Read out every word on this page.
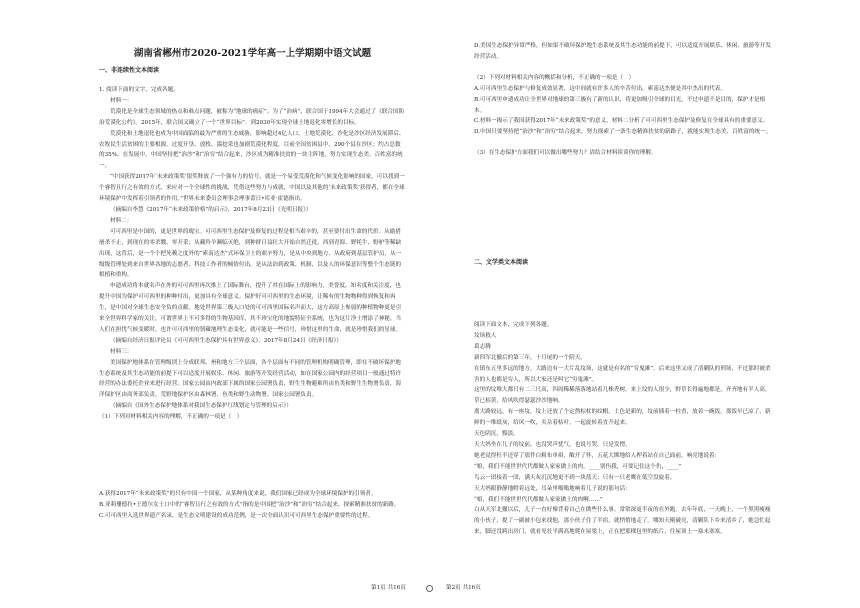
湖南省郴州市2020-2021学年高一上学期期中语文试题
一、非连续性文本阅读

1. 阅读下面的文字，完成各题。

材料一：

荒漠化是全球生态领域的热点和难点问题，被称为“地球的癌症”。为了“治病”，联合国于1994年大会通过了《联合国防治荒漠化公约》。2015年，联合国又确立了一个“世界目标”：到2030年实现全球土地退化零增长的目标。

荒漠化和土地退化也成为中国面临的最为严重的生态威胁，影响超过4亿人口。土地荒漠化、沙化是沙区经济发展滞后、农牧民生活贫困的主要根源。过度开垦、放牧、滥挖采也加剧荒漠化程度，目前全国贫困县中，290个县在沙区；约占总数的35%。在发展中，中国坚持把“治沙”和“治穷”结合起来，沙区成为精准扶贫的一块主阵地，努力实现生态美、百姓富的统一。

“中国获得2017年‘未来政策奖’银奖释放了一个强有力的信号，就是一个易受荒漠化和气候变化影响的国家，可以找到一个睿智且行之有效的方式，来应对一个全球性的挑战，凭借这些努力与成就，中国以及其他的‘未来政策奖’获得者，都在全球环境保护中发挥着引领者的作用。”世界未来委员会理事会理事蕾日•库亚·霍德指出。

（摘编自李慧《2017年“未来政策价格”的启示》，2017年8月23日《光明日报》）

材料二：

可可西里是中国的，更是世界的瑰宝。可可西里生态保护及修复的过程是相当艰辛的，甚至要付出生命的代价。从偷猎屠杀不止，到现在的零杀戮、零开采；从藏羚羊濒临灭绝，到种群日益壮大开始自然迁徙，西到青海、野牦牛、野驴等稀缺出现，这背后，是一个个把死赖之度外的“索南达杰”式环保卫士的艰辛努力，是从中央到地方、从政府到基层管护员，从一级级管理处到来自世界各地的志愿者、科技工作者的倾情付出，是从法治到政策、机制，以及人的环保意识等整个生态链的根植和重构。

申遗成功将本就名声在外的可可西里再次推上了国际舞台，提升了其在国际上的影响力，美誉度，知名度和关注度，也提升中国为保护可可西里的种种付出，更加具有全球意义。保护好可可西里的生态环境，让稀有的生物物种得到恢复和再生，是中国对全球生态安全负的贡献。地处世界第三极入口处的可可西里国际名声而大，这方高原上参弱的种植物种更是引来全世界科学家的关注，可谓世界上不可多得的生物基因库，其不珍宝化的地貌特征全系统，也为这片净土增添了神秘。当人们在担忧气候变暖时，也许可可西里的韧藏地理生态变化，就可能是一些信号，珍惜这里的生命，就是珍惜我们的星球。

（摘编自经济日报评论员《可可西里生态保护具有世界意义》，2017年8月24日《经济日报》）

材料三：

美国保护地体系在管理级别上分成联邦、州和地方三个层面，各个层面有不同的管理机构明确管理，即在不破坏保护地生态系统及其生态功能的前提下可以适度开展娱乐、休闲、旅游等开发经营活动，如在国家公园内的经营项目一般通过特许经营的办法委托企业来进行经营。国家公园由内政部下属的国家公园署负责，野生生物避难所由鱼类和野生生物署负责，海洋保护区由商务部负责，荒野地保护区由森林署、鱼类和野生动物署、国家公园署负责。

（摘编自《国外生态保护地体系对我国生态保护红线划定与管理的启示》）

（1）下列对材料相关内容的理解，不正确的一项是（　）

A.获得2017年“未来政策奖”的只有中国一个国家，从某种角度来说，我们国家已经成为全球环境保护的引领者。

B.亚莉珊德拉•王德尔女士口中的“睿智且行之有效的方式”指的是中国把“治沙”和“治穷”结合起来，探索精准扶贫的新路。

C.可可西里入选世界遗产名录，是生态文明建设的成功范例，是一次全面认识可可西里生态保护重要性的过程。

D.美国生态保护异常严格，但如果不破坏保护地生态系统及其生态功能的前提下，可以适度开展娱乐、休闲、旅游等开发经营活动。

（2）下列对材料相关内容的概括和分析，不正确的一项是（　）

A.可可西里生态保护与修复成效显著，这中间就有许多人的辛苦付出，索南达杰便是其中杰出的代表。

B.可可西里申遗成功让全世界对地球的第三极有了新的认识，将更加吸引全球的目光，不过申遗不是目的，保护才是根本。

C.材料一揭示了我国获得2017年“未来政策奖”的意义，材料二分析了可可西里生态保护及修复在全球具有的重要意义。

D.中国只要坚持把“治沙”和“治穷”结合起来，努力探索了一条生态精准扶贫的新路子，就能实现生态美、百姓富的统一。

（3）在生态保护方面我们可以做出哪些努力？请结合材料谈谈你的理解。

二、文学类文本阅读

阅读下面文本，完成下列各题。

坟场救人

葛志腾

新四军北撤后的第三年，十月尾的一个阴天。

在镇东五里多远的地方，大路边有一大片乱坟场，这就是有名的“穷鬼滩”。后来这里又成了清剿队的刑场，不过那时被杀害的人也都是穷人，所以大家还是叫它“穷鬼滩”。

这里的坟堆大都只有二三尺高，四周稀稀落落地站着几株秃树。来上坟的人很少，野草长得遍地都是，齐齐地有半人高。草已枯黄，给风吹得瑟瑟沙沙地响。

离大路较远，有一座坟，坟上还放了个定熬棕杖的纹帽，土色是新的，坟前插着一柱香，放着一碗饭，那饭早已凉了，新鲜的一堆纸灰，给风一吹，夹杂着枯叶，一起旋转着直升起来。

天色阴沉，黯淡。

天大妈坐在儿子的坟前，也没哭声忧气，也说号哭，只是发愣。

她老觉得枉半还穿了那件白粗布单褂，敞开了怀，五花大绑地给人押着站在自己面前，响亮地说着：

“娘，我们不能世世代代都做人家家做上的肉，____别伤我，可要记住这个仇，____”

鸟云一团接着一团，满天灰沉沉地更不到一块蓝天；只有一只老鹰在低空盘旋着。

天大妈眼静静地瞪着远处，耳朵里嗡嗡地响着儿子说的那句话：

“娘，我们不能世世代代都做人家家做上的肉啊……”

白从天军北撤以后，儿子一直好像背着自己在做些什么事。常常深更半夜的在外跑。去年年底，一天晚上，一个黑黑瘦瘦的小伙子，提了一副被小包来找他，那小伙子住了半宿，就悄悄地走了。哪知天刚破亮，清剿队下乡来清乡了，她急忙起来，脚还没跨出房门，就看见壮平满高地爬在屋梁上，正在把那棵包里的纸片，往屋顶上一塞未塞塞。

第1页 共16页	第2页 共16页
